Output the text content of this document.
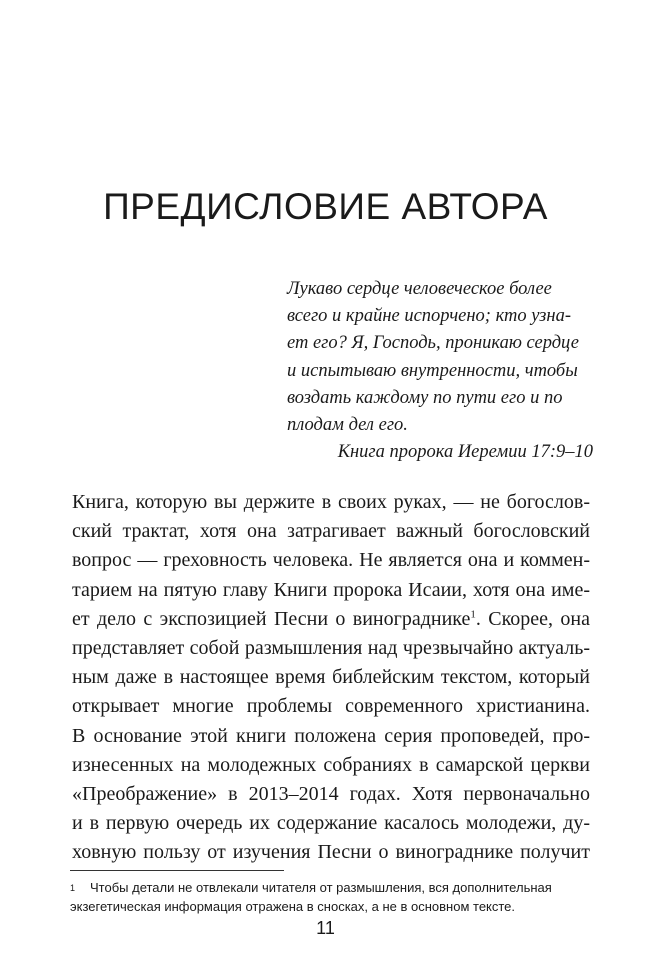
ПРЕДИСЛОВИЕ АВТОРА
Лукаво сердце человеческое более
всего и крайне испорчено; кто узна-
ет его? Я, Господь, проникаю сердце
и испытываю внутренности, чтобы
воздать каждому по пути его и по
плодам дел его.
Книга пророка Иеремии 17:9–10
Книга, которую вы держите в своих руках, — не богослов-
ский трактат, хотя она затрагивает важный богословский
вопрос — греховность человека. Не является она и коммен-
тарием на пятую главу Книги пророка Исаии, хотя она име-
ет дело с экспозицией Песни о винограднике$^1$. Скорее, она
представляет собой размышления над чрезвычайно актуаль-
ным даже в настоящее время библейским текстом, который
открывает многие проблемы современного христианина.
В основание этой книги положена серия проповедей, про-
изнесенных на молодежных собраниях в самарской церкви
«Преображение» в 2013–2014 годах. Хотя первоначально
и в первую очередь их содержание касалось молодежи, ду-
ховную пользу от изучения Песни о винограднике получит
1 Чтобы детали не отвлекали читателя от размышления, вся дополнительная
экзегетическая информация отражена в сносках, а не в основном тексте.
11
